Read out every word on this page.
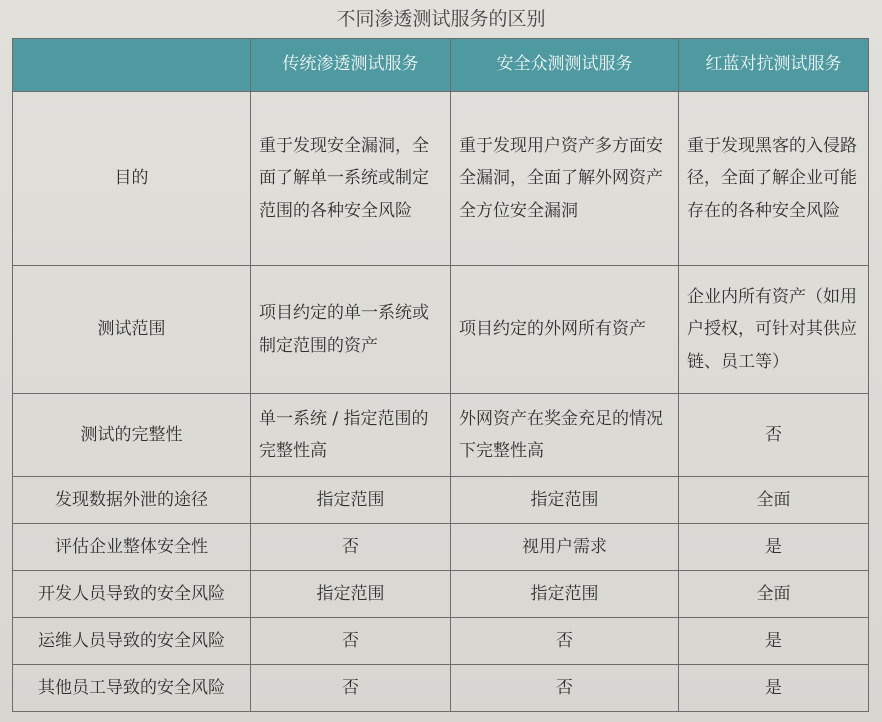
不同渗透测试服务的区别
	传统渗透测试服务	安全众测测试服务	红蓝对抗测试服务
目的	重于发现安全漏洞，全面了解单一系统或制定范围的各种安全风险	重于发现用户资产多方面安全漏洞，全面了解外网资产全方位安全漏洞	重于发现黑客的入侵路径，全面了解企业可能存在的各种安全风险
测试范围	项目约定的单一系统或制定范围的资产	项目约定的外网所有资产	企业内所有资产（如用户授权，可针对其供应链、员工等）
测试的完整性	单一系统 / 指定范围的完整性高	外网资产在奖金充足的情况下完整性高	否
发现数据外泄的途径	指定范围	指定范围	全面
评估企业整体安全性	否	视用户需求	是
开发人员导致的安全风险	指定范围	指定范围	全面
运维人员导致的安全风险	否	否	是
其他员工导致的安全风险	否	否	是
